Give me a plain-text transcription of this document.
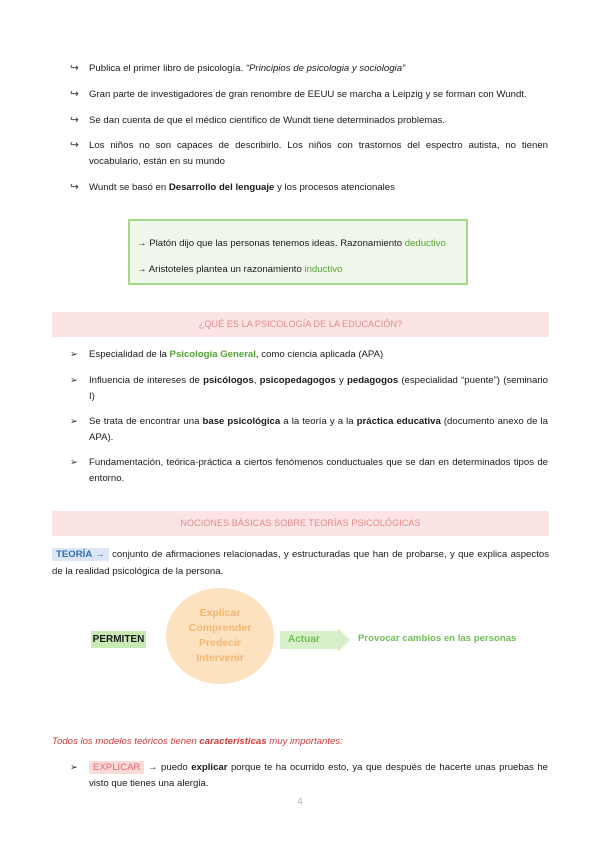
↪	Publica el primer libro de psicología. “Principios de psicologia y sociologia”
↪	Gran parte de investigadores de gran renombre de EEUU se marcha a Leipzig y se forman con Wundt.
↪	Se dan cuenta de que el médico científico de Wundt tiene determinados problemas.
↪	Los niños no son capaces de describirlo. Los niños con trastornos del espectro autista, no tienen vocabulario, están en su mundo
↪	Wundt se basó en Desarrollo del lenguaje y los procesos atencionales
→ Platón dijo que las personas tenemos ideas. Razonamiento deductivo
→ Aristoteles plantea un razonamiento inductivo
¿QUÉ ES LA PSICOLOGÍA DE LA EDUCACIÓN?
➢	Especialidad de la Psicología General, como ciencia aplicada (APA)
➢	Influencia de intereses de psicólogos, psicopedagogos y pedagogos (especialidad “puente”) (seminario I)
➢	Se trata de encontrar una base psicológica a la teoría y a la práctica educativa (documento anexo de la APA).
➢	Fundamentación, teórica-práctica a ciertos fenómenos conductuales que se dan en determinados tipos de entorno.
NOCIONES BÁSICAS SOBRE TEORÍAS PSICOLÓGICAS
TEORÍA → conjunto de afirmaciones relacionadas, y estructuradas que han de probarse, y que explica aspectos de la realidad psicológica de la persona.
PERMITEN
Explicar
Comprender
Predecir
Intervenir
Actuar	Provocar cambios en las personas
Todos los modelos teóricos tienen características muy importantes:
➢	EXPLICAR → puedo explicar porque te ha ocurrido esto, ya que después de hacerte unas pruebas he visto que tienes una alergia.
4
